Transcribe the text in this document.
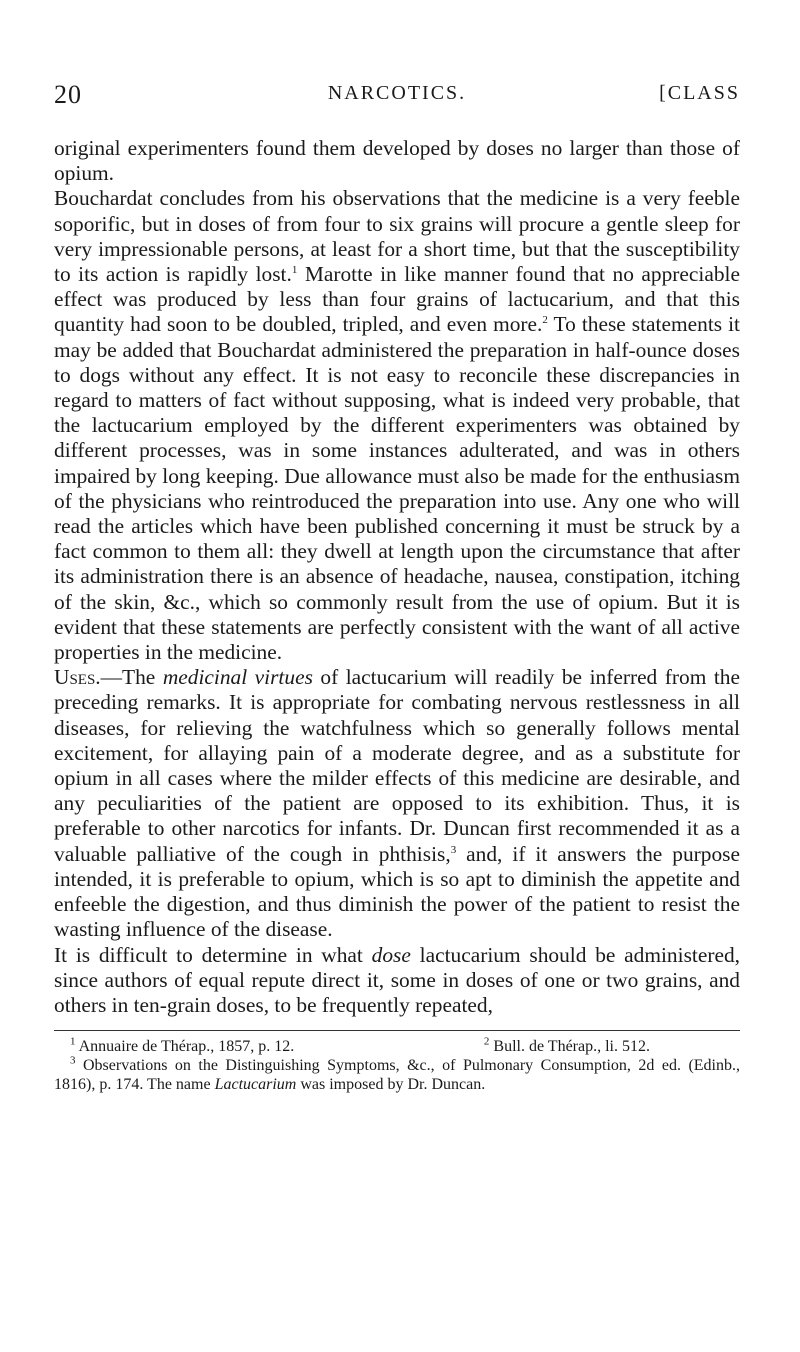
20	NARCOTICS.	[CLASS

original experimenters found them developed by doses no larger than those of opium.

Bouchardat concludes from his observations that the medicine is a very feeble soporific, but in doses of from four to six grains will procure a gentle sleep for very impressionable persons, at least for a short time, but that the susceptibility to its action is rapidly lost.$^1$ Marotte in like manner found that no appreciable effect was produced by less than four grains of lactucarium, and that this quantity had soon to be doubled, tripled, and even more.$^2$ To these statements it may be added that Bouchardat administered the preparation in half-ounce doses to dogs without any effect. It is not easy to reconcile these discrepancies in regard to matters of fact without supposing, what is indeed very probable, that the lactucarium employed by the different experimenters was obtained by different processes, was in some instances adulterated, and was in others impaired by long keeping. Due allowance must also be made for the enthusiasm of the physicians who reintroduced the preparation into use. Any one who will read the articles which have been published concerning it must be struck by a fact common to them all: they dwell at length upon the circumstance that after its administration there is an absence of headache, nausea, constipation, itching of the skin, &c., which so commonly result from the use of opium. But it is evident that these statements are perfectly consistent with the want of all active properties in the medicine.

Uses.—The medicinal virtues of lactucarium will readily be inferred from the preceding remarks. It is appropriate for combating nervous restlessness in all diseases, for relieving the watchfulness which so generally follows mental excitement, for allaying pain of a moderate degree, and as a substitute for opium in all cases where the milder effects of this medicine are desirable, and any peculiarities of the patient are opposed to its exhibition. Thus, it is preferable to other narcotics for infants. Dr. Duncan first recommended it as a valuable palliative of the cough in phthisis,$^3$ and, if it answers the purpose intended, it is preferable to opium, which is so apt to diminish the appetite and enfeeble the digestion, and thus diminish the power of the patient to resist the wasting influence of the disease.

It is difficult to determine in what dose lactucarium should be administered, since authors of equal repute direct it, some in doses of one or two grains, and others in ten-grain doses, to be frequently repeated,

$^1$ Annuaire de Thérap., 1857, p. 12.	$^2$ Bull. de Thérap., li. 512.
$^3$ Observations on the Distinguishing Symptoms, &c., of Pulmonary Consumption, 2d ed. (Edinb., 1816), p. 174. The name Lactucarium was imposed by Dr. Duncan.
